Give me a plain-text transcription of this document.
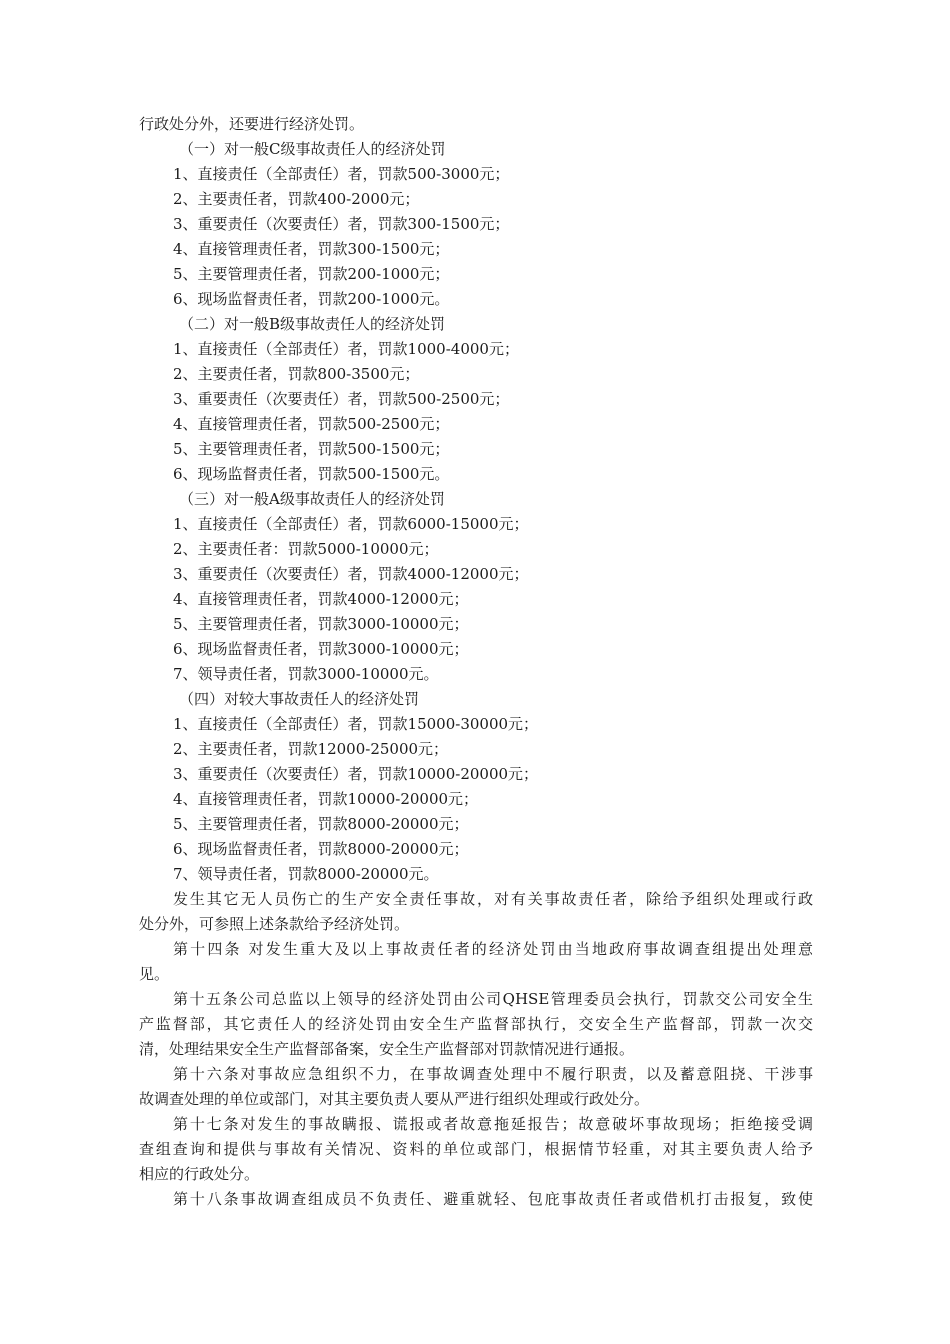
行政处分外，还要进行经济处罚。
（一）对一般C级事故责任人的经济处罚
1、直接责任（全部责任）者，罚款500-3000元；
2、主要责任者，罚款400-2000元；
3、重要责任（次要责任）者，罚款300-1500元；
4、直接管理责任者，罚款300-1500元；
5、主要管理责任者，罚款200-1000元；
6、现场监督责任者，罚款200-1000元。
（二）对一般B级事故责任人的经济处罚
1、直接责任（全部责任）者，罚款1000-4000元；
2、主要责任者，罚款800-3500元；
3、重要责任（次要责任）者，罚款500-2500元；
4、直接管理责任者，罚款500-2500元；
5、主要管理责任者，罚款500-1500元；
6、现场监督责任者，罚款500-1500元。
（三）对一般A级事故责任人的经济处罚
1、直接责任（全部责任）者，罚款6000-15000元；
2、主要责任者：罚款5000-10000元；
3、重要责任（次要责任）者，罚款4000-12000元；
4、直接管理责任者，罚款4000-12000元；
5、主要管理责任者，罚款3000-10000元；
6、现场监督责任者，罚款3000-10000元；
7、领导责任者，罚款3000-10000元。
（四）对较大事故责任人的经济处罚
1、直接责任（全部责任）者，罚款15000-30000元；
2、主要责任者，罚款12000-25000元；
3、重要责任（次要责任）者，罚款10000-20000元；
4、直接管理责任者，罚款10000-20000元；
5、主要管理责任者，罚款8000-20000元；
6、现场监督责任者，罚款8000-20000元；
7、领导责任者，罚款8000-20000元。
发生其它无人员伤亡的生产安全责任事故，对有关事故责任者，除给予组织处理或行政
处分外，可参照上述条款给予经济处罚。
第十四条 对发生重大及以上事故责任者的经济处罚由当地政府事故调查组提出处理意
见。
第十五条公司总监以上领导的经济处罚由公司QHSE管理委员会执行，罚款交公司安全生
产监督部，其它责任人的经济处罚由安全生产监督部执行，交安全生产监督部，罚款一次交
清，处理结果安全生产监督部备案，安全生产监督部对罚款情况进行通报。
第十六条对事故应急组织不力，在事故调查处理中不履行职责，以及蓄意阻挠、干涉事
故调查处理的单位或部门，对其主要负责人要从严进行组织处理或行政处分。
第十七条对发生的事故瞒报、谎报或者故意拖延报告；故意破坏事故现场；拒绝接受调
查组查询和提供与事故有关情况、资料的单位或部门，根据情节轻重，对其主要负责人给予
相应的行政处分。
第十八条事故调查组成员不负责任、避重就轻、包庇事故责任者或借机打击报复，致使
